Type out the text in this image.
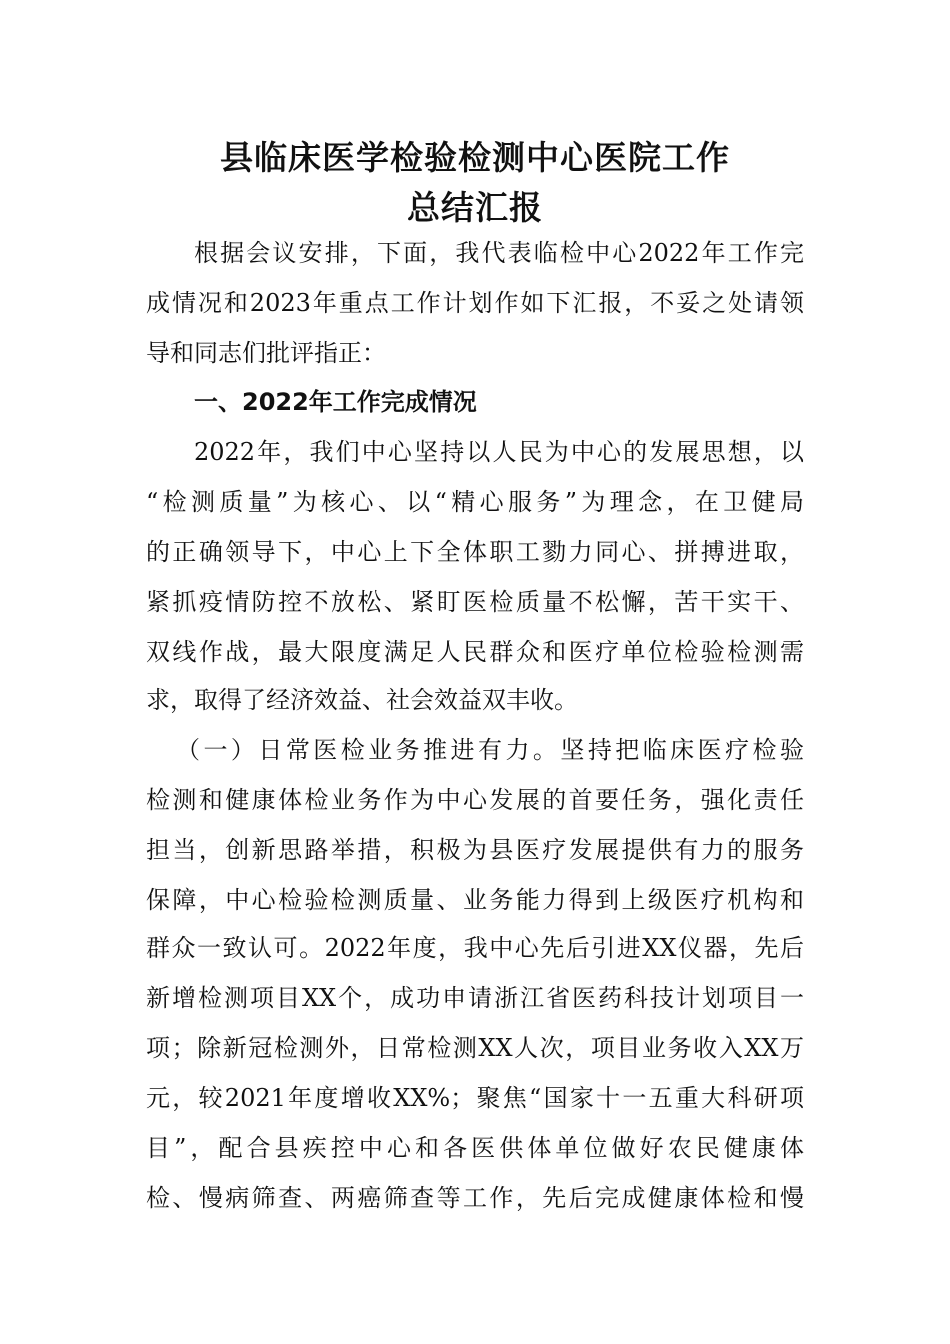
县临床医学检验检测中心医院工作
总结汇报
根据会议安排，下面，我代表临检中心2022年工作完
成情况和2023年重点工作计划作如下汇报，不妥之处请领
导和同志们批评指正：
一、2022年工作完成情况
2022年，我们中心坚持以人民为中心的发展思想，以
“检测质量”为核心、以“精心服务”为理念，在卫健局
的正确领导下，中心上下全体职工勠力同心、拼搏进取，
紧抓疫情防控不放松、紧盯医检质量不松懈，苦干实干、
双线作战，最大限度满足人民群众和医疗单位检验检测需
求，取得了经济效益、社会效益双丰收。
（一）日常医检业务推进有力。坚持把临床医疗检验
检测和健康体检业务作为中心发展的首要任务，强化责任
担当，创新思路举措，积极为县医疗发展提供有力的服务
保障，中心检验检测质量、业务能力得到上级医疗机构和
群众一致认可。2022年度，我中心先后引进XX仪器，先后
新增检测项目XX个，成功申请浙江省医药科技计划项目一
项；除新冠检测外，日常检测XX人次，项目业务收入XX万
元，较2021年度增收XX%；聚焦“国家十一五重大科研项
目”，配合县疾控中心和各医供体单位做好农民健康体
检、慢病筛查、两癌筛查等工作，先后完成健康体检和慢
